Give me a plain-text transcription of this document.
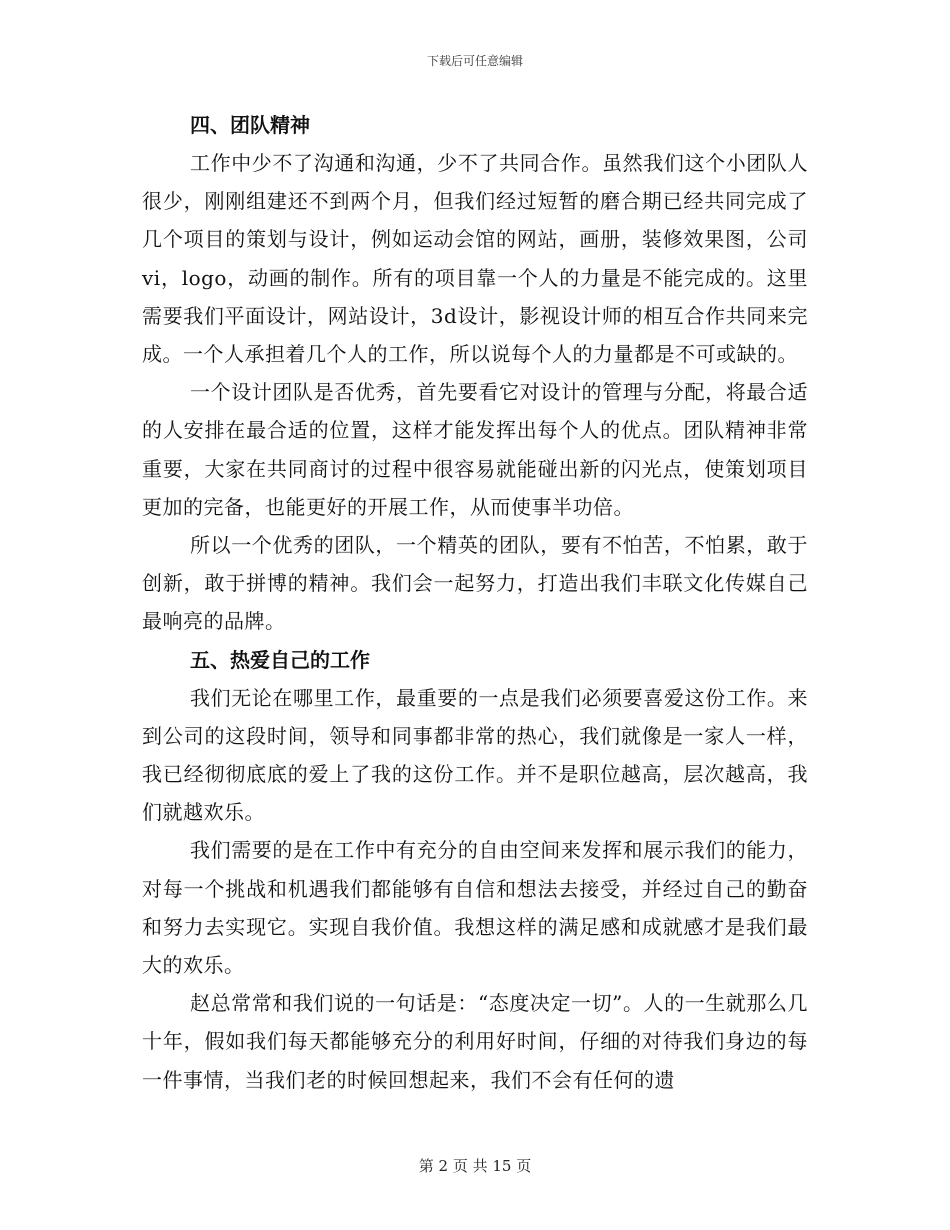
下载后可任意编辑
四、团队精神

工作中少不了沟通和沟通，少不了共同合作。虽然我们这个小团队人很少，刚刚组建还不到两个月，但我们经过短暂的磨合期已经共同完成了几个项目的策划与设计，例如运动会馆的网站，画册，装修效果图，公司vi，logo，动画的制作。所有的项目靠一个人的力量是不能完成的。这里需要我们平面设计，网站设计，3d设计，影视设计师的相互合作共同来完成。一个人承担着几个人的工作，所以说每个人的力量都是不可或缺的。

一个设计团队是否优秀，首先要看它对设计的管理与分配，将最合适的人安排在最合适的位置，这样才能发挥出每个人的优点。团队精神非常重要，大家在共同商讨的过程中很容易就能碰出新的闪光点，使策划项目更加的完备，也能更好的开展工作，从而使事半功倍。

所以一个优秀的团队，一个精英的团队，要有不怕苦，不怕累，敢于创新，敢于拼博的精神。我们会一起努力，打造出我们丰联文化传媒自己最响亮的品牌。

五、热爱自己的工作

我们无论在哪里工作，最重要的一点是我们必须要喜爱这份工作。来到公司的这段时间，领导和同事都非常的热心，我们就像是一家人一样，我已经彻彻底底的爱上了我的这份工作。并不是职位越高，层次越高，我们就越欢乐。

我们需要的是在工作中有充分的自由空间来发挥和展示我们的能力，对每一个挑战和机遇我们都能够有自信和想法去接受，并经过自己的勤奋和努力去实现它。实现自我价值。我想这样的满足感和成就感才是我们最大的欢乐。

赵总常常和我们说的一句话是：“态度决定一切”。人的一生就那么几十年，假如我们每天都能够充分的利用好时间，仔细的对待我们身边的每一件事情，当我们老的时候回想起来，我们不会有任何的遗

第 2 页 共 15 页
